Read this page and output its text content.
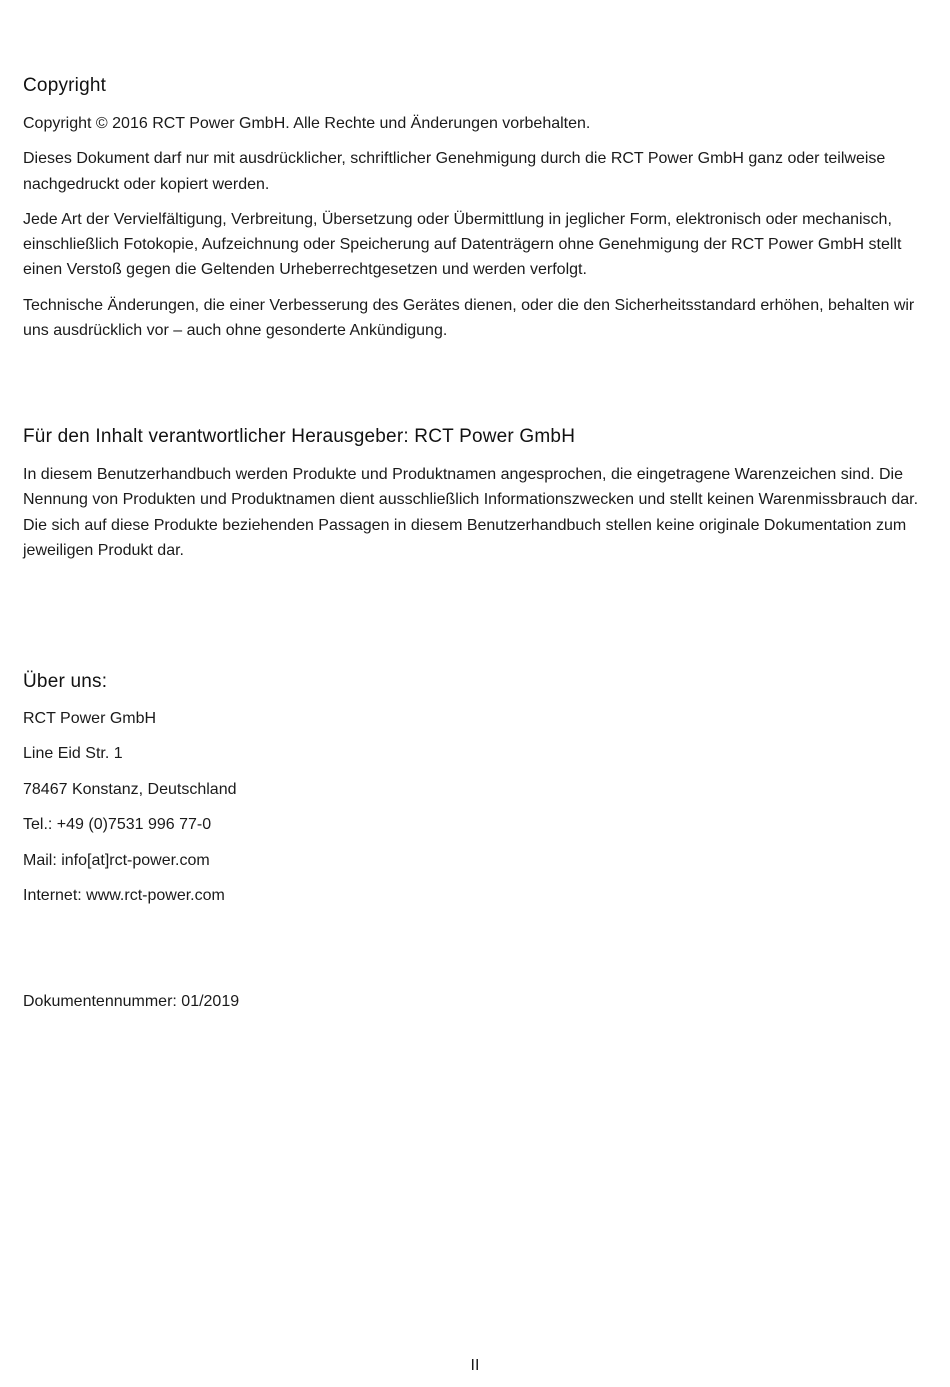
Copyright

Copyright © 2016 RCT Power GmbH. Alle Rechte und Änderungen vorbehalten.

Dieses Dokument darf nur mit ausdrücklicher, schriftlicher Genehmigung durch die RCT Power GmbH ganz oder teilweise nachgedruckt oder kopiert werden.

Jede Art der Vervielfältigung, Verbreitung, Übersetzung oder Übermittlung in jeglicher Form, elektronisch oder mechanisch, einschließlich Fotokopie, Aufzeichnung oder Speicherung auf Datenträgern ohne Genehmigung der RCT Power GmbH stellt einen Verstoß gegen die Geltenden Urheberrechtgesetzen und werden verfolgt.

Technische Änderungen, die einer Verbesserung des Gerätes dienen, oder die den Sicherheitsstandard erhöhen, behalten wir uns ausdrücklich vor – auch ohne gesonderte Ankündigung.

Für den Inhalt verantwortlicher Herausgeber: RCT Power GmbH

In diesem Benutzerhandbuch werden Produkte und Produktnamen angesprochen, die eingetragene Warenzeichen sind. Die Nennung von Produkten und Produktnamen dient ausschließlich Informationszwecken und stellt keinen Warenmissbrauch dar.

Die sich auf diese Produkte beziehenden Passagen in diesem Benutzerhandbuch stellen keine originale Dokumentation zum jeweiligen Produkt dar.

Über uns:

RCT Power GmbH

Line Eid Str. 1

78467 Konstanz, Deutschland

Tel.: +49 (0)7531 996 77-0

Mail: info[at]rct-power.com

Internet: www.rct-power.com

Dokumentennummer: 01/2019

II
